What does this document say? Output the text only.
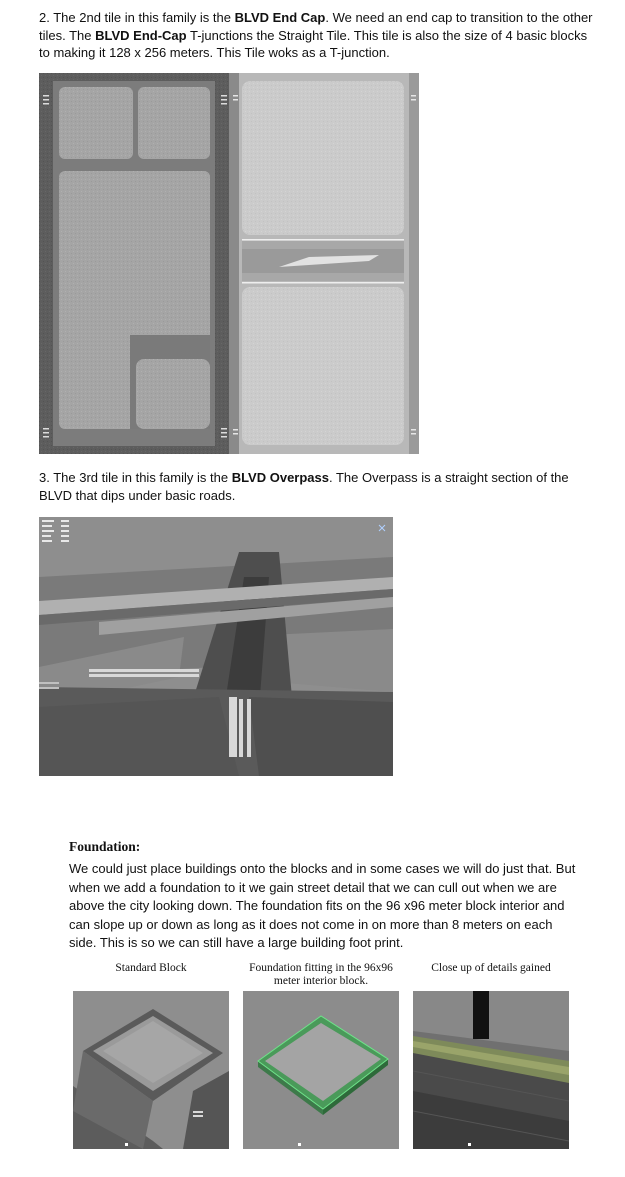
2. The 2nd tile in this family is the BLVD End Cap. We need an end cap to transition to the other tiles. The BLVD End-Cap T-junctions the Straight Tile. This tile is also the size of 4 basic blocks to making it 128 x 256 meters. This Tile woks as a T-junction.
3. The 3rd tile in this family is the BLVD Overpass. The Overpass is a straight section of the BLVD that dips under basic roads.
Foundation:
We could just place buildings onto the blocks and in some cases we will do just that. But when we add a foundation to it we gain street detail that we can cull out when we are above the city looking down. The foundation fits on the 96 x96 meter block interior and can slope up or down as long as it does not come in on more than 8 meters on each side. This is so we can still have a large building foot print.
Standard Block	Foundation fitting in the 96x96 meter interior block.
Close up of details gained
